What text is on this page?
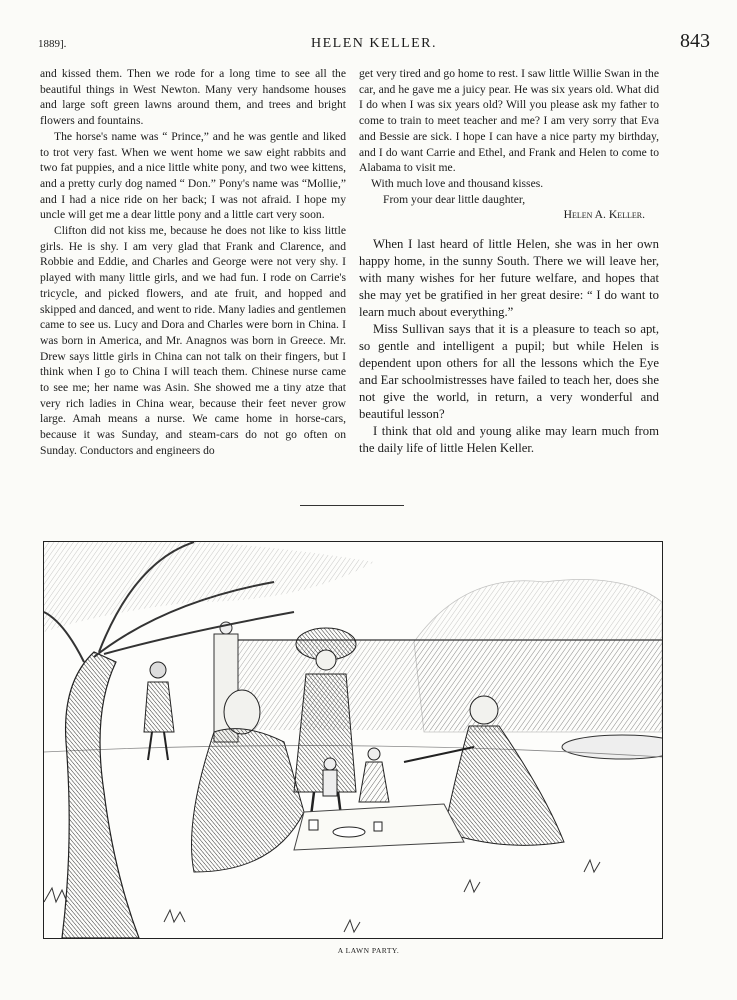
1889].	HELEN KELLER.	843

and kissed them. Then we rode for a long time to see all the beautiful things in West Newton. Many very handsome houses and large soft green lawns around them, and trees and bright flowers and fountains.

The horse's name was “ Prince,” and he was gentle and liked to trot very fast. When we went home we saw eight rabbits and two fat puppies, and a nice little white pony, and two wee kittens, and a pretty curly dog named “ Don.” Pony's name was “Mollie,” and I had a nice ride on her back; I was not afraid. I hope my uncle will get me a dear little pony and a little cart very soon.

Clifton did not kiss me, because he does not like to kiss little girls. He is shy. I am very glad that Frank and Clarence, and Robbie and Eddie, and Charles and George were not very shy. I played with many little girls, and we had fun. I rode on Carrie's tricycle, and picked flowers, and ate fruit, and hopped and skipped and danced, and went to ride. Many ladies and gentlemen came to see us. Lucy and Dora and Charles were born in China. I was born in America, and Mr. Anagnos was born in Greece. Mr. Drew says little girls in China can not talk on their fingers, but I think when I go to China I will teach them. Chinese nurse came to see me; her name was Asin. She showed me a tiny atze that very rich ladies in China wear, because their feet never grow large. Amah means a nurse. We came home in horse-cars, because it was Sunday, and steam-cars do not go often on Sunday. Conductors and engineers do

get very tired and go home to rest. I saw little Willie Swan in the car, and he gave me a juicy pear. He was six years old. What did I do when I was six years old? Will you please ask my father to come to train to meet teacher and me? I am very sorry that Eva and Bessie are sick. I hope I can have a nice party my birthday, and I do want Carrie and Ethel, and Frank and Helen to come to Alabama to visit me.

With much love and thousand kisses.

From your dear little daughter,

Helen A. Keller.

When I last heard of little Helen, she was in her own happy home, in the sunny South. There we will leave her, with many wishes for her future welfare, and hopes that she may yet be gratified in her great desire: “ I do want to learn much about everything.”

Miss Sullivan says that it is a pleasure to teach so apt, so gentle and intelligent a pupil; but while Helen is dependent upon others for all the lessons which the Eye and Ear schoolmistresses have failed to teach her, does she not give the world, in return, a very wonderful and beautiful lesson?

I think that old and young alike may learn much from the daily life of little Helen Keller.

A LAWN PARTY.
